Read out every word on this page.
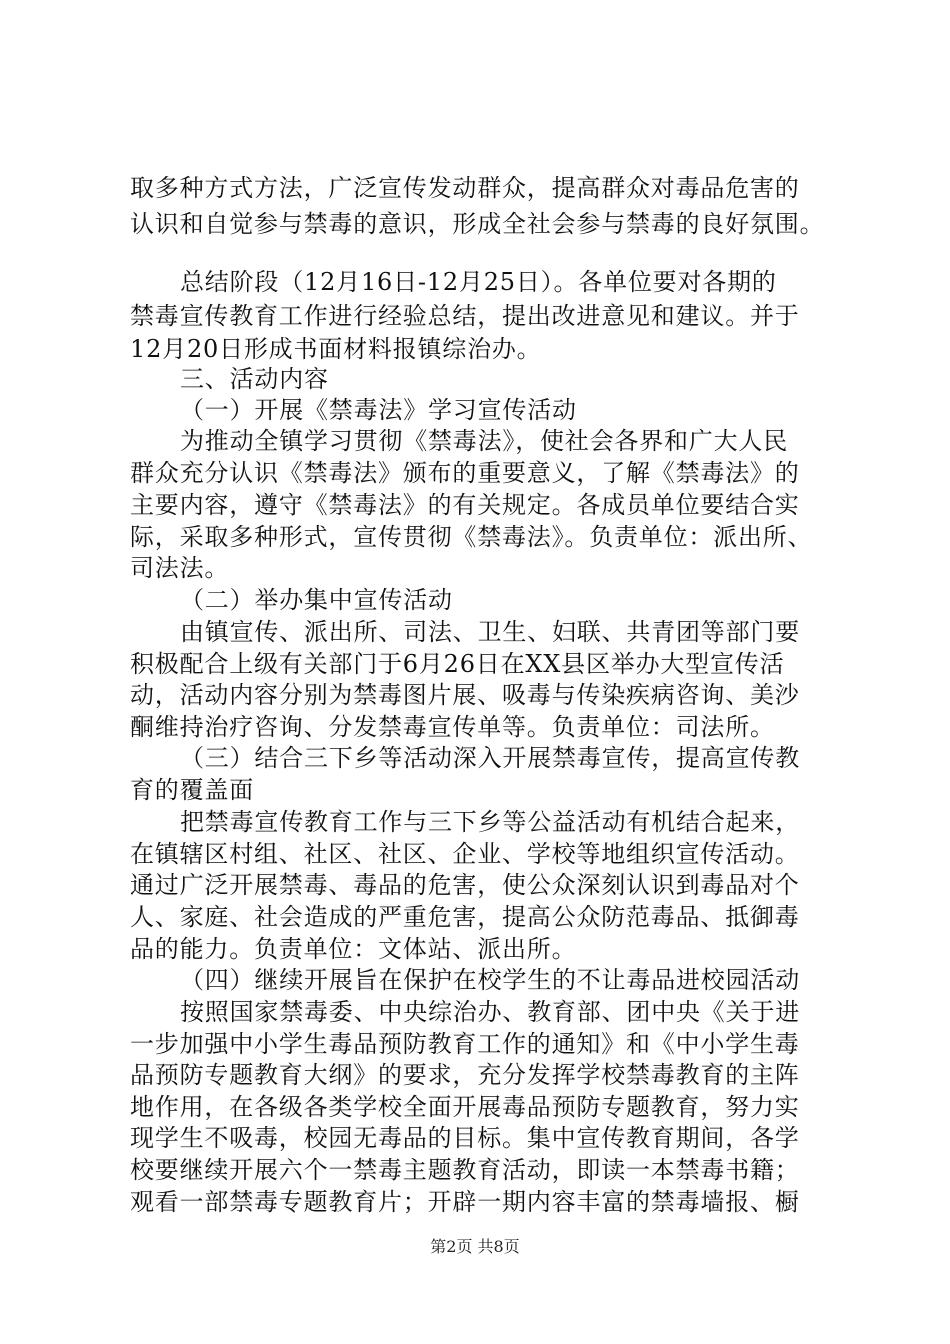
取多种方式方法，广泛宣传发动群众，提高群众对毒品危害的
认识和自觉参与禁毒的意识，形成全社会参与禁毒的良好氛围。
总结阶段（12月16日-12月25日）。各单位要对各期的
禁毒宣传教育工作进行经验总结，提出改进意见和建议。并于
12月20日形成书面材料报镇综治办。
三、活动内容
（一）开展《禁毒法》学习宣传活动
为推动全镇学习贯彻《禁毒法》，使社会各界和广大人民
群众充分认识《禁毒法》颁布的重要意义，了解《禁毒法》的
主要内容，遵守《禁毒法》的有关规定。各成员单位要结合实
际，采取多种形式，宣传贯彻《禁毒法》。负责单位：派出所、
司法法。
（二）举办集中宣传活动
由镇宣传、派出所、司法、卫生、妇联、共青团等部门要
积极配合上级有关部门于6月26日在XX县区举办大型宣传活
动，活动内容分别为禁毒图片展、吸毒与传染疾病咨询、美沙
酮维持治疗咨询、分发禁毒宣传单等。负责单位：司法所。
（三）结合三下乡等活动深入开展禁毒宣传，提高宣传教
育的覆盖面
把禁毒宣传教育工作与三下乡等公益活动有机结合起来，
在镇辖区村组、社区、社区、企业、学校等地组织宣传活动。
通过广泛开展禁毒、毒品的危害，使公众深刻认识到毒品对个
人、家庭、社会造成的严重危害，提高公众防范毒品、抵御毒
品的能力。负责单位：文体站、派出所。
（四）继续开展旨在保护在校学生的不让毒品进校园活动
按照国家禁毒委、中央综治办、教育部、团中央《关于进
一步加强中小学生毒品预防教育工作的通知》和《中小学生毒
品预防专题教育大纲》的要求，充分发挥学校禁毒教育的主阵
地作用，在各级各类学校全面开展毒品预防专题教育，努力实
现学生不吸毒，校园无毒品的目标。集中宣传教育期间，各学
校要继续开展六个一禁毒主题教育活动，即读一本禁毒书籍；
观看一部禁毒专题教育片；开辟一期内容丰富的禁毒墙报、橱
第2页 共8页
